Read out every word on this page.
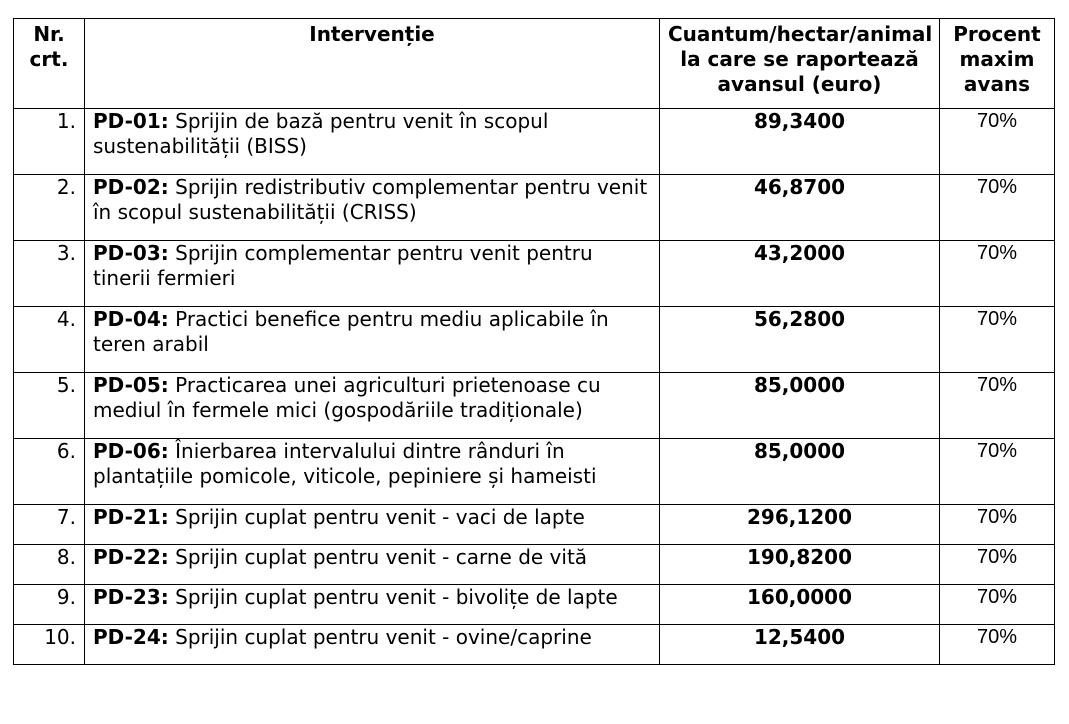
Nr. crt.	Intervenție	Cuantum/hectar/animal la care se raportează avansul (euro)	Procent maxim avans
1.	PD-01: Sprijin de bază pentru venit în scopul sustenabilității (BISS)	89,3400	70%
2.	PD-02: Sprijin redistributiv complementar pentru venit în scopul sustenabilității (CRISS)	46,8700	70%
3.	PD-03: Sprijin complementar pentru venit pentru tinerii fermieri	43,2000	70%
4.	PD-04: Practici benefice pentru mediu aplicabile în teren arabil	56,2800	70%
5.	PD-05: Practicarea unei agriculturi prietenoase cu mediul în fermele mici (gospodăriile tradiționale)	85,0000	70%
6.	PD-06: Înierbarea intervalului dintre rânduri în plantațiile pomicole, viticole, pepiniere și hameisti	85,0000	70%
7.	PD-21: Sprijin cuplat pentru venit - vaci de lapte	296,1200	70%
8.	PD-22: Sprijin cuplat pentru venit - carne de vită	190,8200	70%
9.	PD-23: Sprijin cuplat pentru venit - bivolițe de lapte	160,0000	70%
10.	PD-24: Sprijin cuplat pentru venit - ovine/caprine	12,5400	70%
